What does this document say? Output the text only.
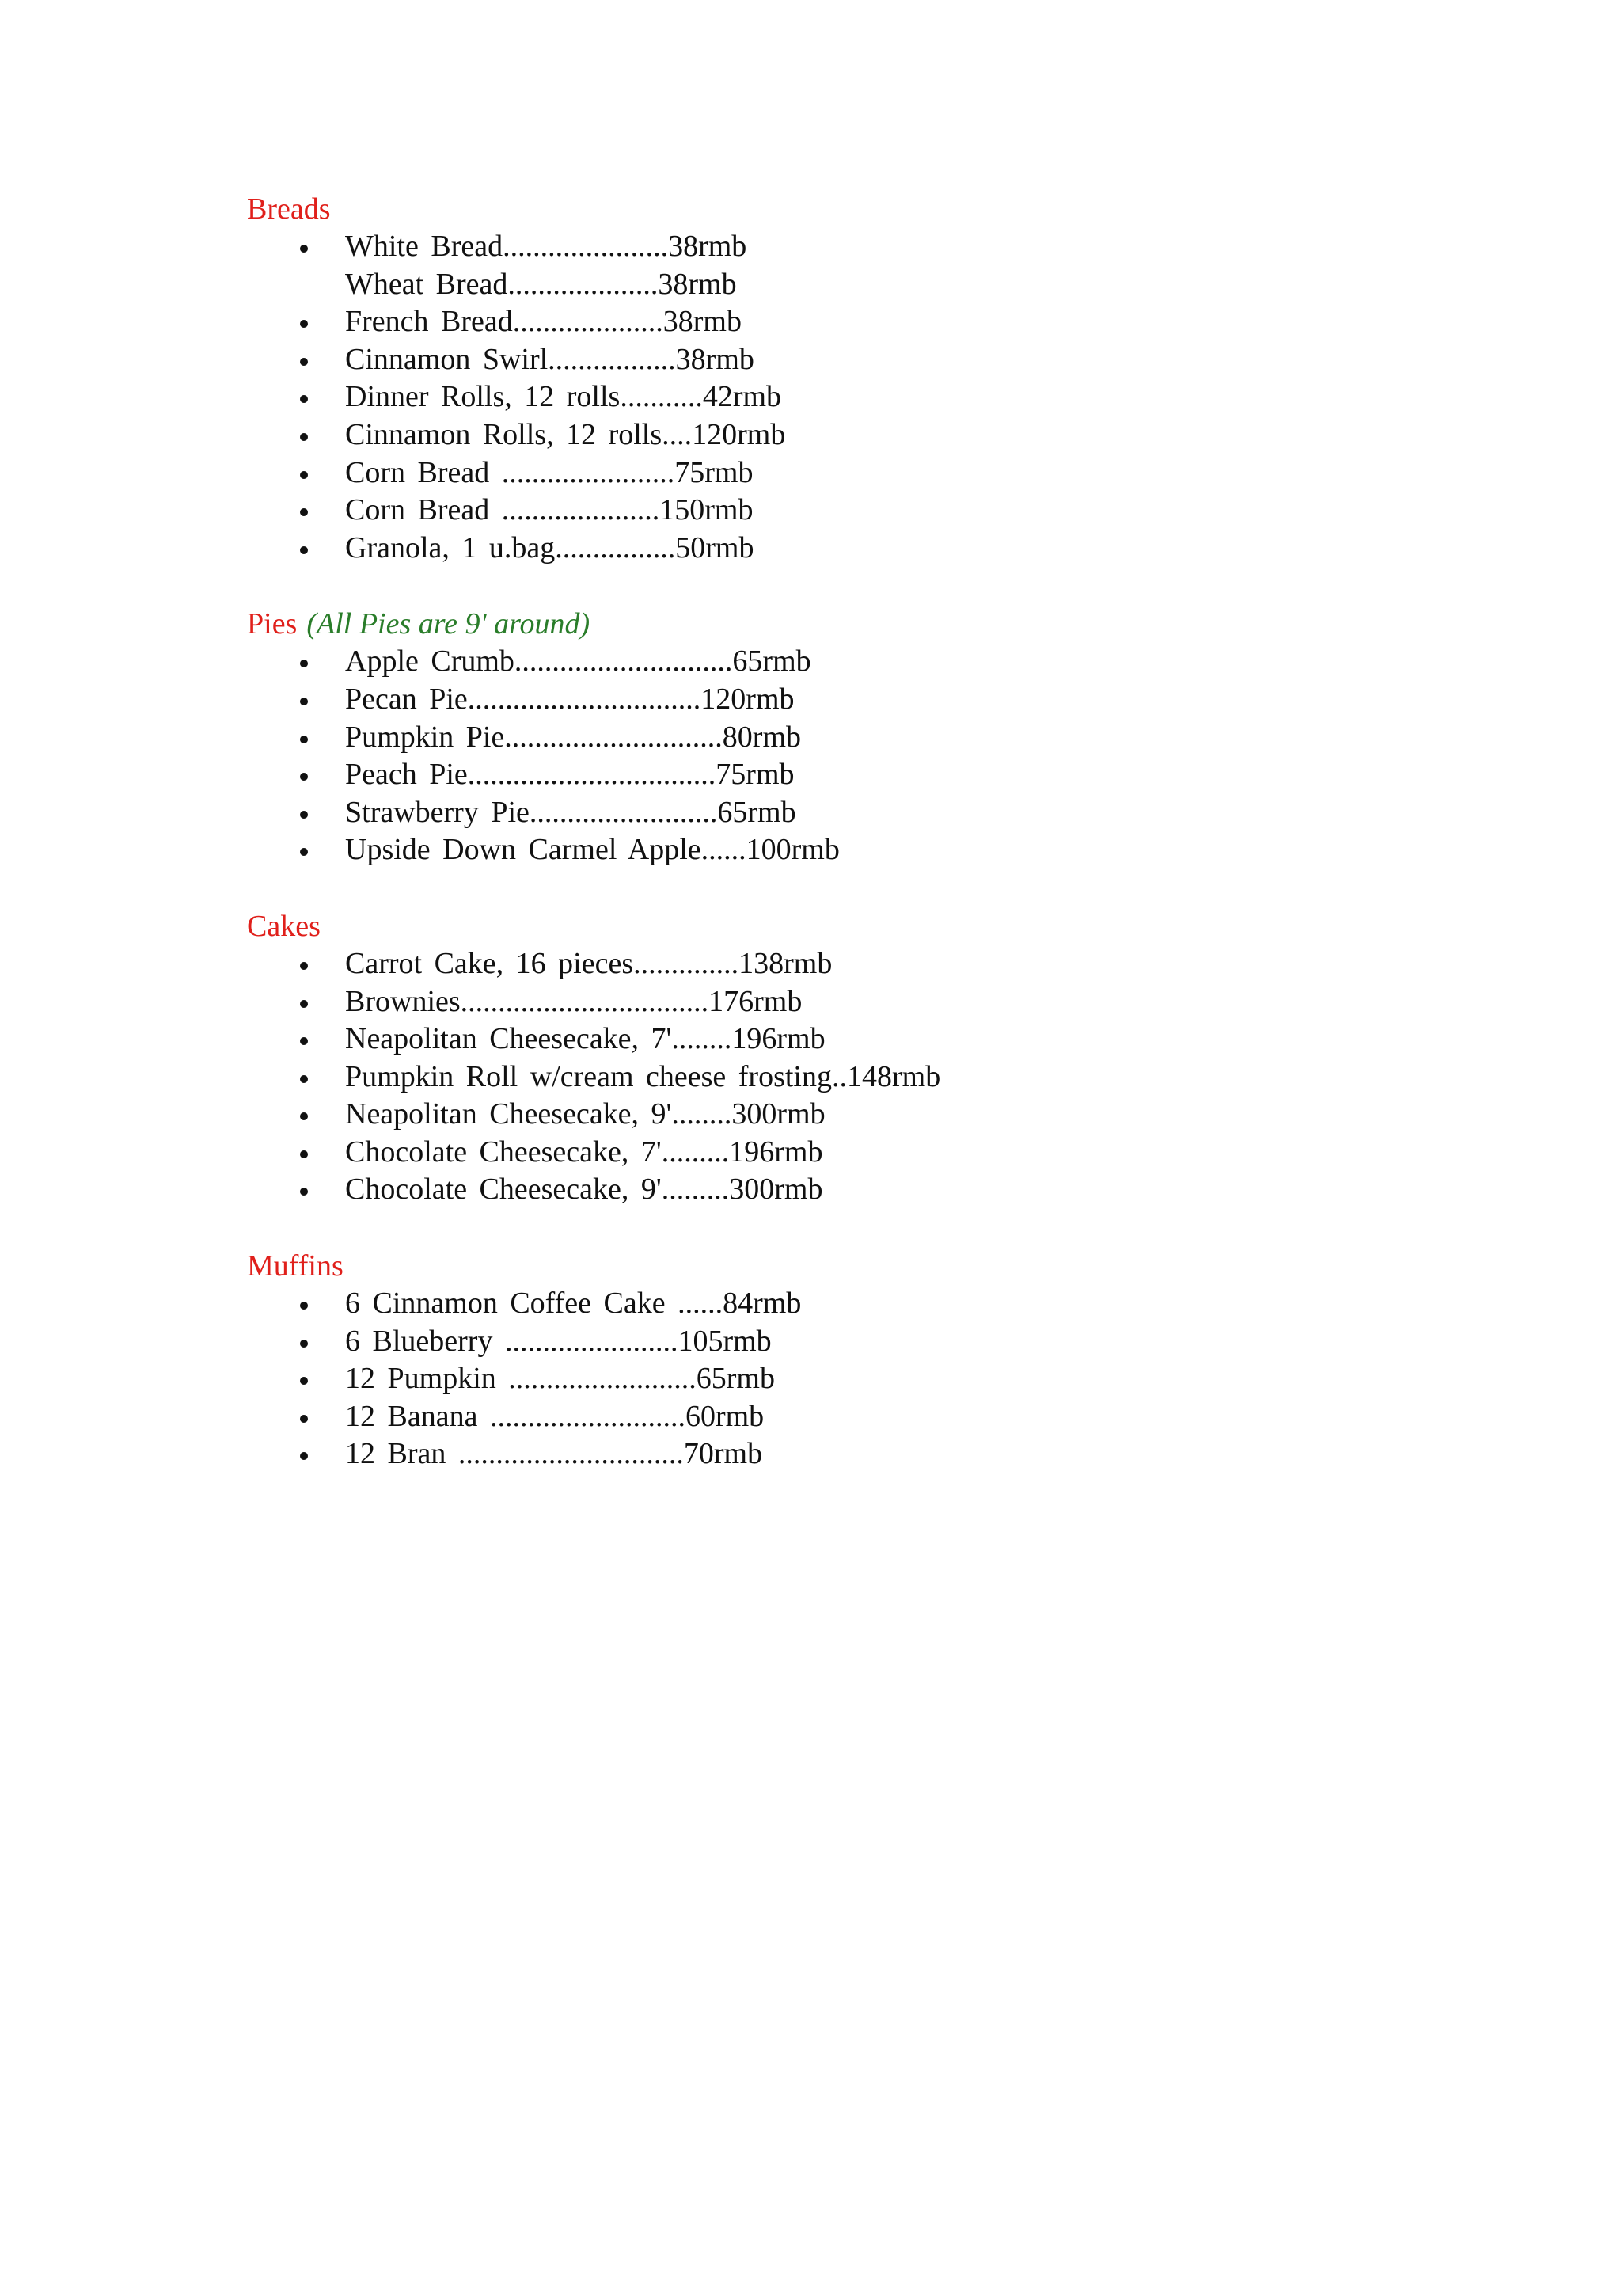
Breads
White Bread......................38rmb
Wheat Bread....................38rmb
French Bread....................38rmb
Cinnamon Swirl.................38rmb
Dinner Rolls, 12 rolls...........42rmb
Cinnamon Rolls, 12 rolls....120rmb
Corn Bread .......................75rmb
Corn Bread .....................150rmb
Granola, 1 u.bag................50rmb
Pies (All Pies are 9' around)
Apple Crumb.............................65rmb
Pecan Pie...............................120rmb
Pumpkin Pie.............................80rmb
Peach Pie.................................75rmb
Strawberry Pie.........................65rmb
Upside Down Carmel Apple......100rmb
Cakes
Carrot Cake, 16 pieces..............138rmb
Brownies.................................176rmb
Neapolitan Cheesecake, 7'........196rmb
Pumpkin Roll w/cream cheese frosting..148rmb
Neapolitan Cheesecake, 9'........300rmb
Chocolate Cheesecake, 7'.........196rmb
Chocolate Cheesecake, 9'.........300rmb
Muffins
6 Cinnamon Coffee Cake ......84rmb
6 Blueberry .......................105rmb
12 Pumpkin .........................65rmb
12 Banana ..........................60rmb
12 Bran ..............................70rmb
